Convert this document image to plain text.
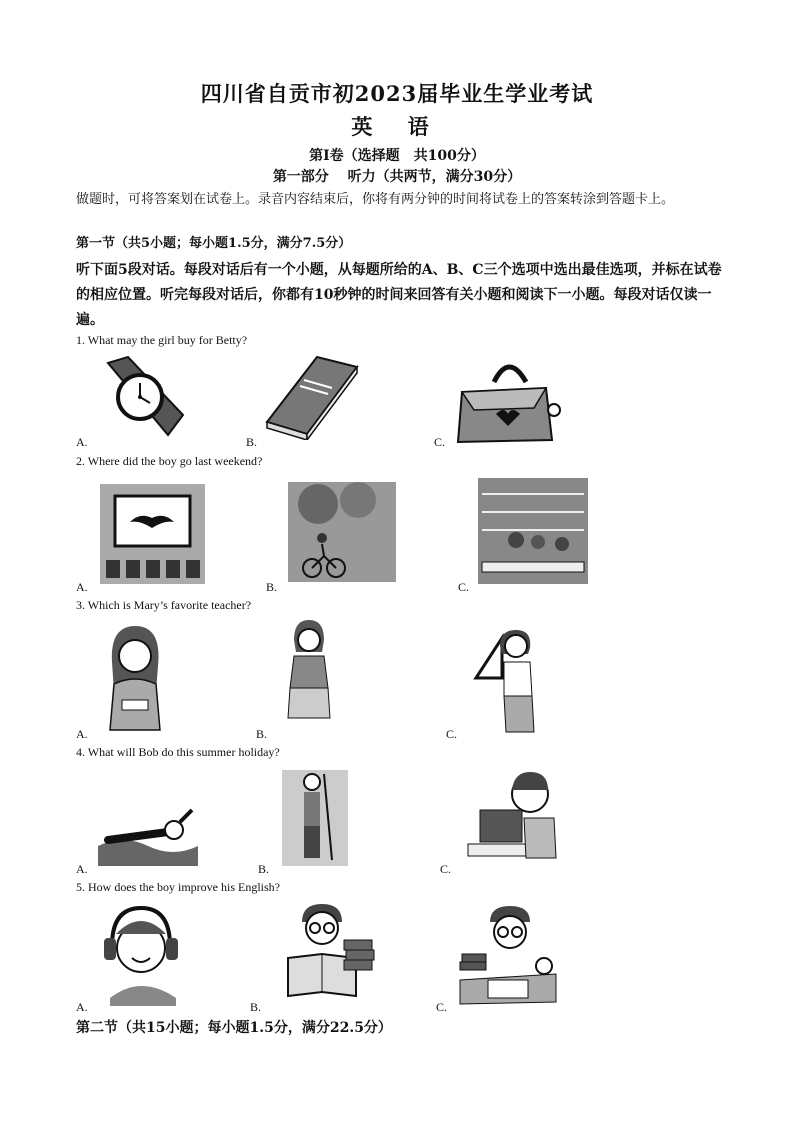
四川省自贡市初2023届毕业生学业考试
英 语
第I卷（选择题　共100分）
第一部分　 听力（共两节，满分30分）
做题时，可将答案划在试卷上。录音内容结束后，你将有两分钟的时间将试卷上的答案转涂到答题卡上。
第一节（共5小题；每小题1.5分，满分7.5分）
听下面5段对话。每段对话后有一个小题，从每题所给的A、B、C三个选项中选出最佳选项，并标在试卷的相应位置。听完每段对话后，你都有10秒钟的时间来回答有关小题和阅读下一小题。每段对话仅读一遍。
1. What may the girl buy for Betty?
A.	B.	C.
2. Where did the boy go last weekend?
A.	B.	C.
3. Which is Mary’s favorite teacher?
A.	B.	C.
4. What will Bob do this summer holiday?
A.	B.	C.
5. How does the boy improve his English?
A.	B.	C.
第二节（共15小题；每小题1.5分，满分22.5分）
